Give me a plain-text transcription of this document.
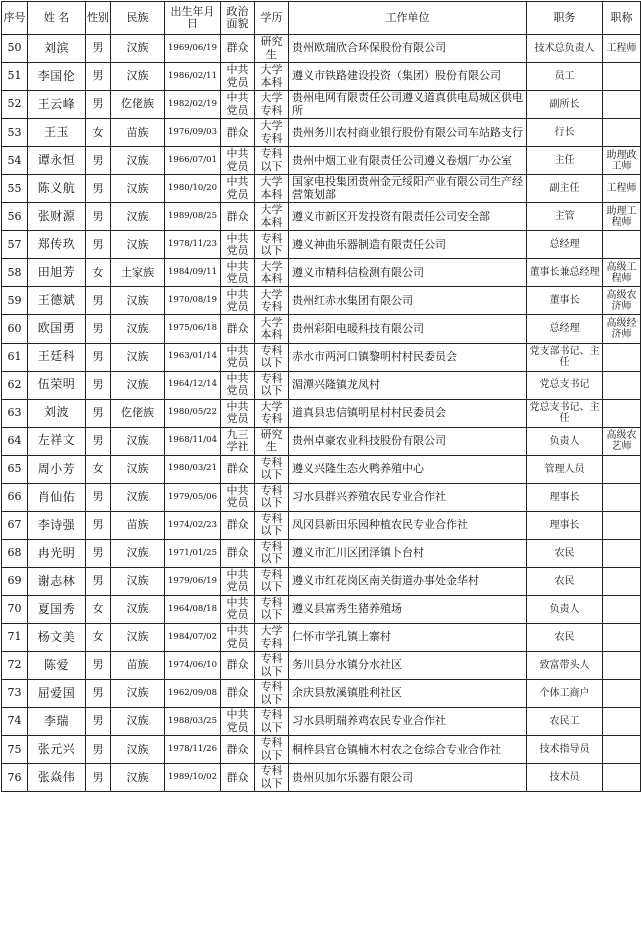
序号	姓 名	性别	民族	出生年月日	政治面貌	学历	工作单位	职务	职称
50	刘滨	男	汉族	1969/06/19	群众	研究生	贵州欧瑞欣合环保股份有限公司	技术总负责人	工程师
51	李国伦	男	汉族	1986/02/11	中共党员	大学本科	遵义市铁路建设投资（集团）股份有限公司	员工	
52	王云峰	男	仡佬族	1982/02/19	中共党员	大学专科	贵州电网有限责任公司遵义道真供电局城区供电所	副所长	
53	王玉	女	苗族	1976/09/03	群众	大学专科	贵州务川农村商业银行股份有限公司车站路支行	行长	
54	谭永恒	男	汉族	1966/07/01	中共党员	专科以下	贵州中烟工业有限责任公司遵义卷烟厂办公室	主任	助理政工师
55	陈义航	男	汉族	1980/10/20	中共党员	大学本科	国家电投集团贵州金元绥阳产业有限公司生产经营策划部	副主任	工程师
56	张财源	男	汉族	1989/08/25	群众	大学本科	遵义市新区开发投资有限责任公司安全部	主管	助理工程师
57	郑传玖	男	汉族	1978/11/23	中共党员	专科以下	遵义神曲乐器制造有限责任公司	总经理	
58	田旭芳	女	土家族	1984/09/11	中共党员	大学本科	遵义市精科信检测有限公司	董事长兼总经理	高级工程师
59	王德斌	男	汉族	1970/08/19	中共党员	大学专科	贵州红赤水集团有限公司	董事长	高级农济师
60	欧国勇	男	汉族	1975/06/18	群众	大学本科	贵州彩阳电暖科技有限公司	总经理	高级经济师
61	王廷科	男	汉族	1963/01/14	中共党员	专科以下	赤水市两河口镇黎明村村民委员会	党支部书记、主任	
62	伍荣明	男	汉族	1964/12/14	中共党员	专科以下	湄潭兴隆镇龙凤村	党总支书记	
63	刘波	男	仡佬族	1980/05/22	中共党员	大学专科	道真县忠信镇明星村村民委员会	党总支书记、主任	
64	左祥文	男	汉族	1968/11/04	九三学社	研究生	贵州卓豪农业科技股份有限公司	负责人	高级农艺师
65	周小芳	女	汉族	1980/03/21	群众	专科以下	遵义兴隆生态火鸭养殖中心	管理人员	
66	肖仙佑	男	汉族	1979/05/06	中共党员	专科以下	习水县群兴养殖农民专业合作社	理事长	
67	李诗强	男	苗族	1974/02/23	群众	专科以下	凤冈县新田乐园种植农民专业合作社	理事长	
68	冉光明	男	汉族	1971/01/25	群众	专科以下	遵义市汇川区团泽镇卜台村	农民	
69	谢志林	男	汉族	1979/06/19	中共党员	专科以下	遵义市红花岗区南关街道办事处金华村	农民	
70	夏国秀	女	汉族	1964/08/18	中共党员	专科以下	遵义县富秀生猪养殖场	负责人	
71	杨文美	女	汉族	1984/07/02	中共党员	大学专科	仁怀市学孔镇上寨村	农民	
72	陈爱	男	苗族	1974/06/10	群众	专科以下	务川县分水镇分水社区	致富带头人	
73	屈爱国	男	汉族	1962/09/08	群众	专科以下	余庆县敖溪镇胜利社区	个体工商户	
74	李瑞	男	汉族	1988/03/25	中共党员	专科以下	习水县明瑞养鸡农民专业合作社	农民工	
75	张元兴	男	汉族	1978/11/26	群众	专科以下	桐梓县官仓镇楠木村农之仓综合专业合作社	技术指导员	
76	张焱伟	男	汉族	1989/10/02	群众	专科以下	贵州贝加尔乐器有限公司	技术员	
